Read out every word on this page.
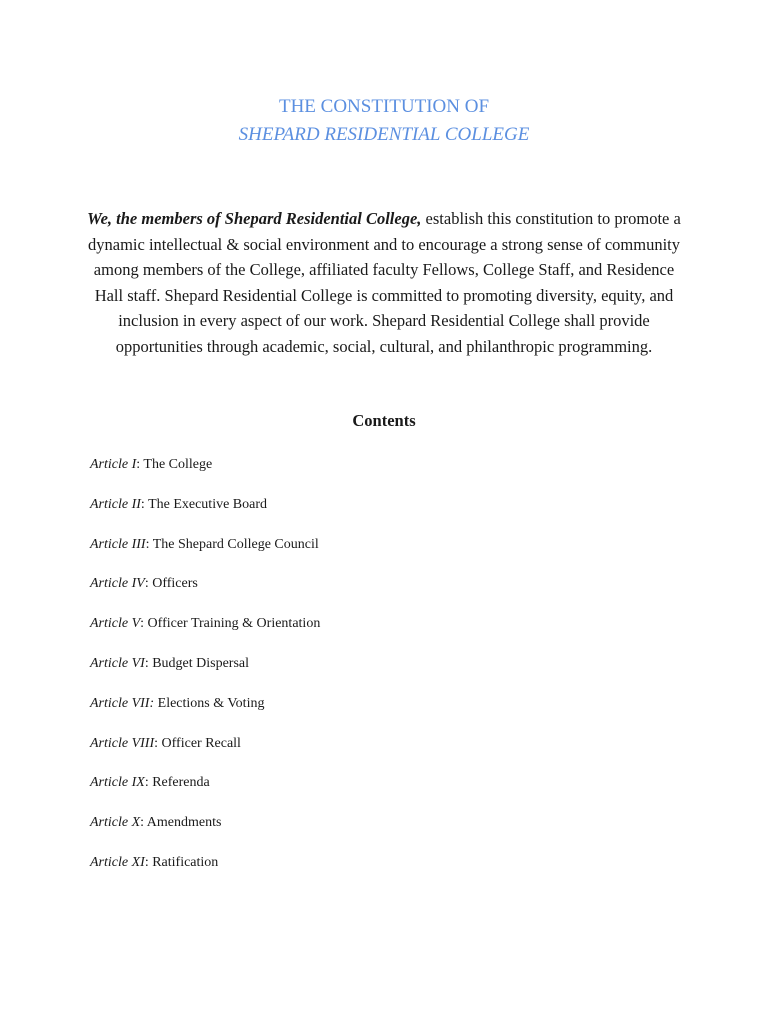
THE CONSTITUTION OF
SHEPARD RESIDENTIAL COLLEGE
We, the members of Shepard Residential College, establish this constitution to promote a dynamic intellectual & social environment and to encourage a strong sense of community among members of the College, affiliated faculty Fellows, College Staff, and Residence Hall staff. Shepard Residential College is committed to promoting diversity, equity, and inclusion in every aspect of our work. Shepard Residential College shall provide opportunities through academic, social, cultural, and philanthropic programming.
Contents
Article I: The College
Article II: The Executive Board
Article III: The Shepard College Council
Article IV: Officers
Article V: Officer Training & Orientation
Article VI: Budget Dispersal
Article VII: Elections & Voting
Article VIII: Officer Recall
Article IX: Referenda
Article X: Amendments
Article XI: Ratification
